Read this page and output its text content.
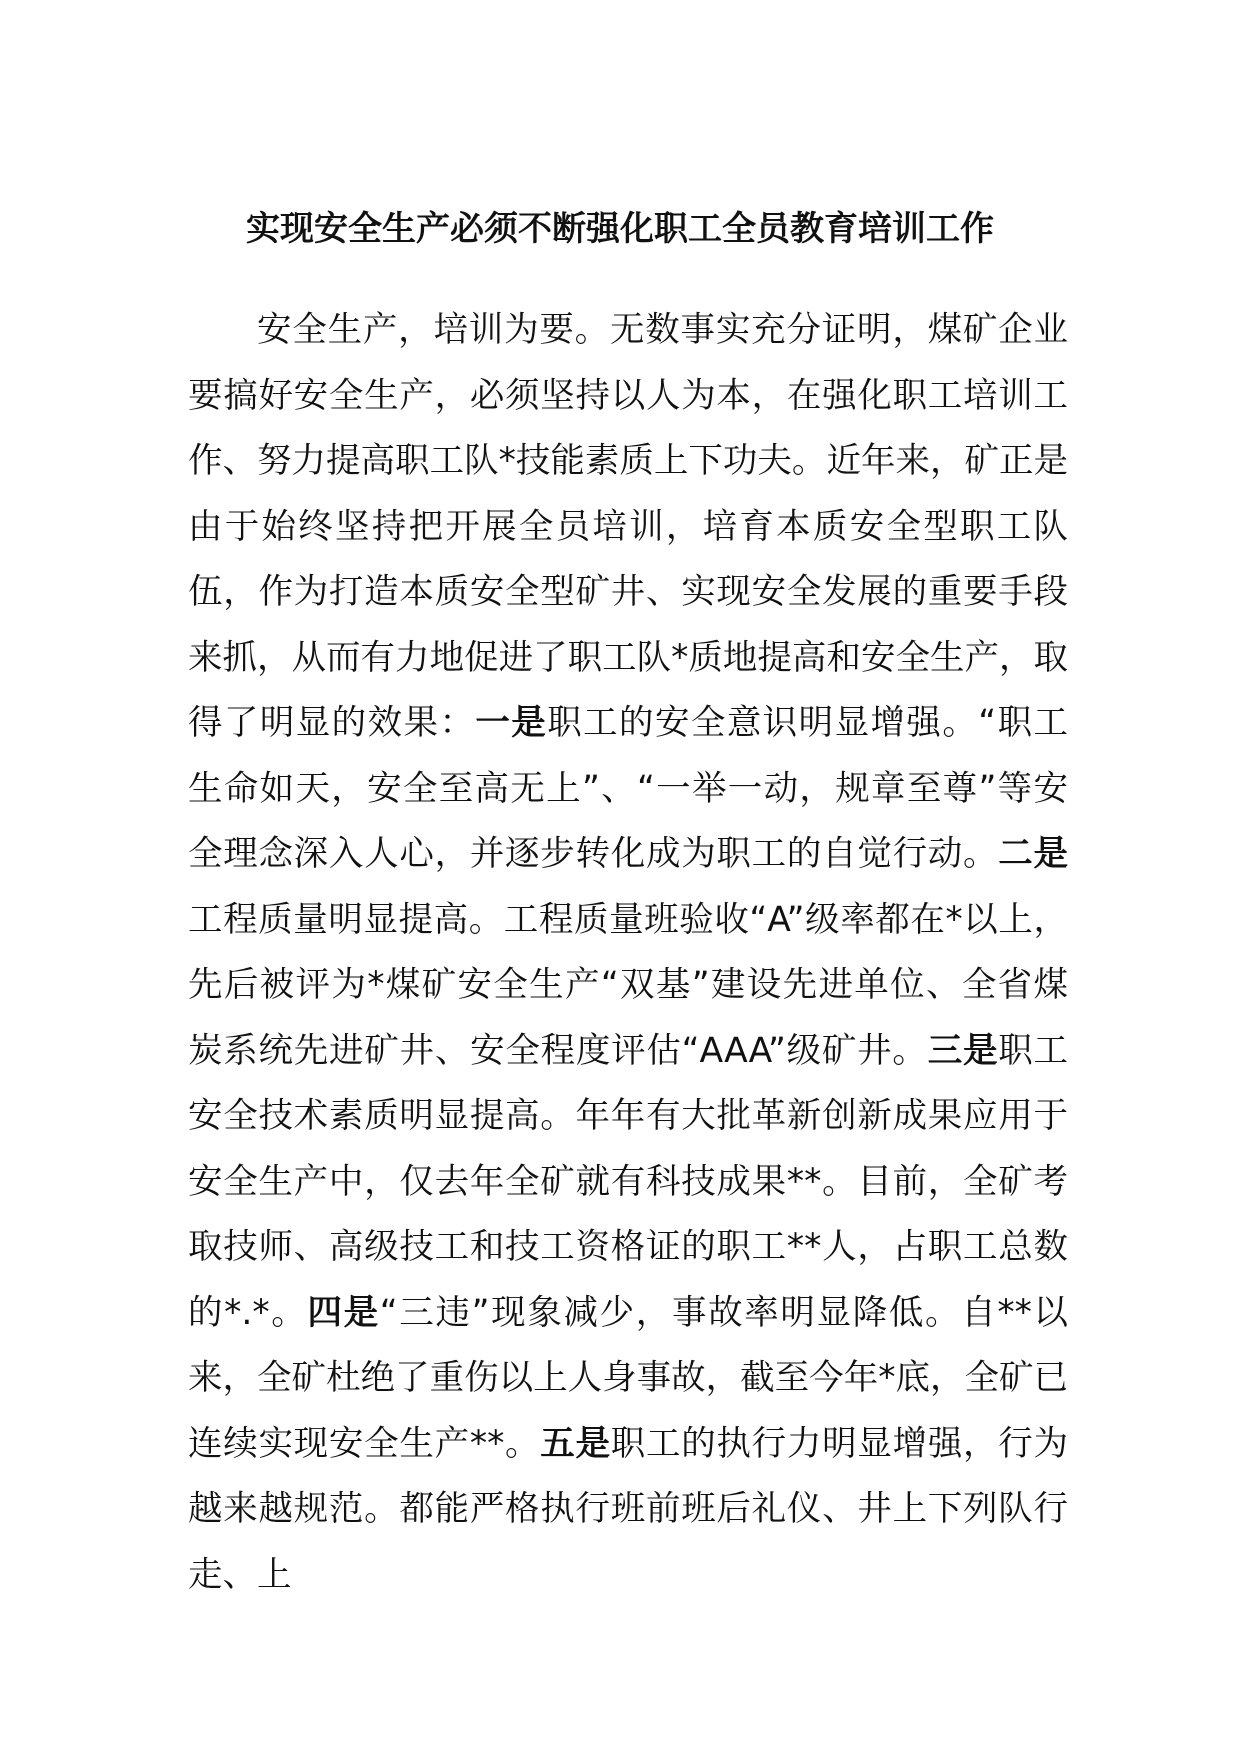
实现安全生产必须不断强化职工全员教育培训工作

安全生产，培训为要。无数事实充分证明，煤矿企业要搞好安全生产，必须坚持以人为本，在强化职工培训工作、努力提高职工队*技能素质上下功夫。近年来，矿正是由于始终坚持把开展全员培训，培育本质安全型职工队伍，作为打造本质安全型矿井、实现安全发展的重要手段来抓，从而有力地促进了职工队*质地提高和安全生产，取得了明显的效果：一是职工的安全意识明显增强。“职工生命如天，安全至高无上”、“一举一动，规章至尊”等安全理念深入人心，并逐步转化成为职工的自觉行动。二是工程质量明显提高。工程质量班验收“A”级率都在*以上，先后被评为*煤矿安全生产“双基”建设先进单位、全省煤炭系统先进矿井、安全程度评估“AAA”级矿井。三是职工安全技术素质明显提高。年年有大批革新创新成果应用于安全生产中，仅去年全矿就有科技成果**。目前，全矿考取技师、高级技工和技工资格证的职工**人，占职工总数的*.*。四是“三违”现象减少，事故率明显降低。自**以来，全矿杜绝了重伤以上人身事故，截至今年*底，全矿已连续实现安全生产**。五是职工的执行力明显增强，行为越来越规范。都能严格执行班前班后礼仪、井上下列队行走、上
